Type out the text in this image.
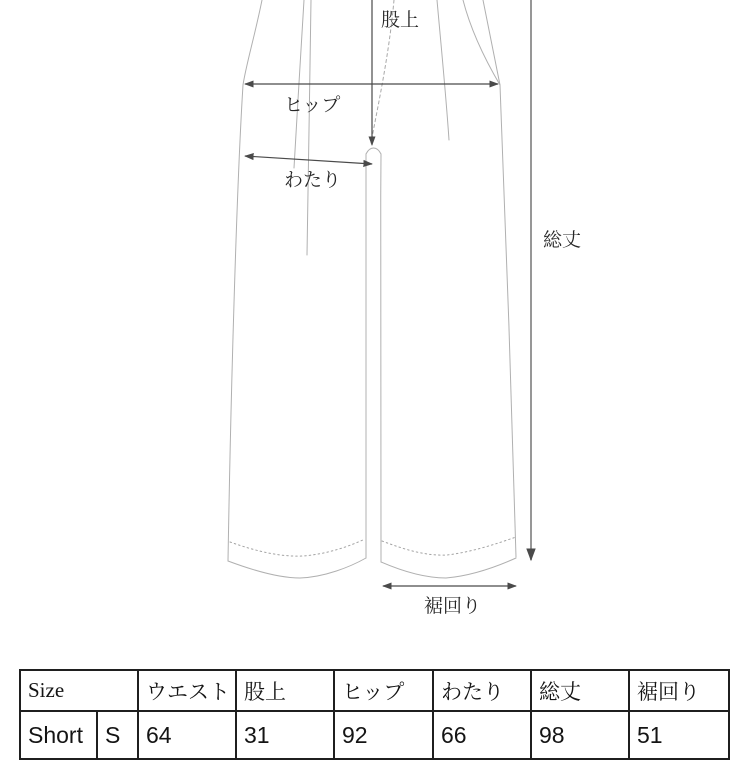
股上
ヒップ
わたり
総丈
裾回り
Size		ウエスト	股上	ヒップ	わたり	総丈	裾回り
Short	S	64	31	92	66	98	51
